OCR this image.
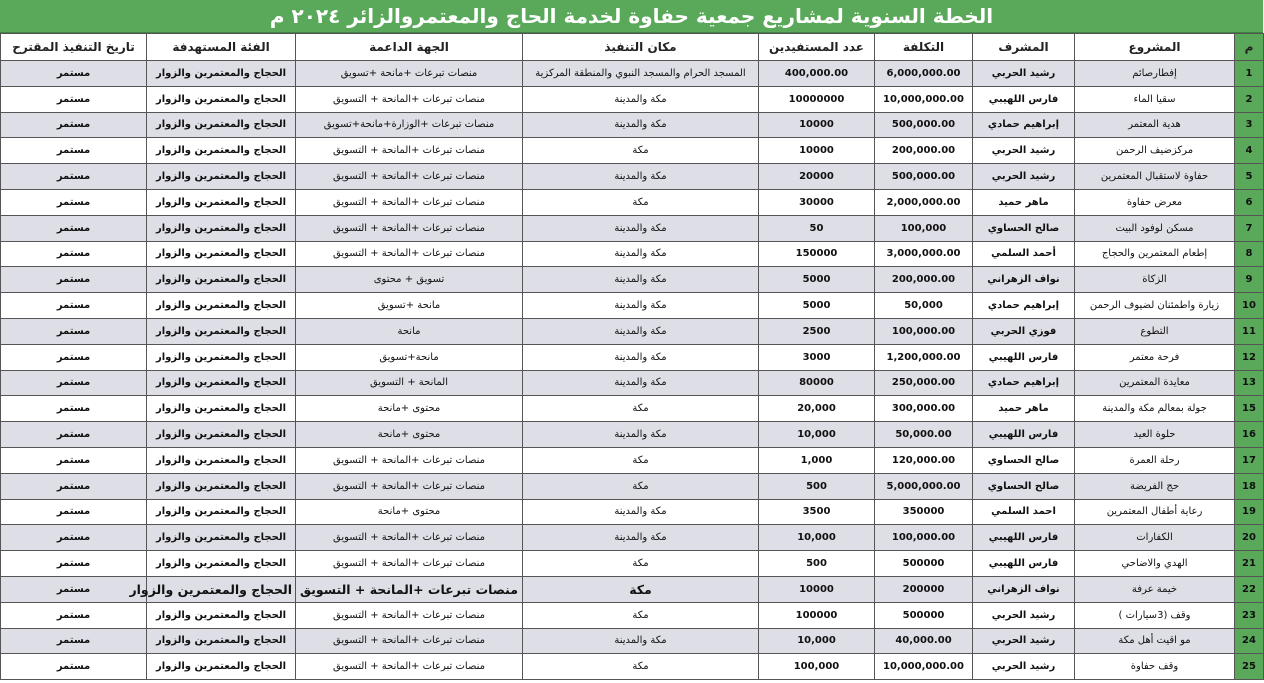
الخطة السنوية لمشاريع جمعية حفاوة لخدمة الحاج والمعتمروالزائر ٢٠٢٤ م
م	المشروع	المشرف	التكلفة	عدد المستفيدين	مكان التنفيذ	الجهة الداعمة	الفئة المستهدفة	تاريخ التنفيذ المقترح
1	إفطارصائم	رشيد الحربي	6,000,000.00	400,000.00	المسجد الحرام والمسجد النبوي والمنطقة المركزية	منصات تبرعات +مانحة +تسويق	الحجاج والمعتمرين والزوار	مستمر
2	سقيا الماء	فارس اللهيبي	10,000,000.00	10000000	مكة والمدينة	منصات تبرعات +المانحة + التسويق	الحجاج والمعتمرين والزوار	مستمر
3	هدية المعتمر	إبراهيم حمادي	500,000.00	10000	مكة والمدينة	منصات تبرعات +الوزارة+مانحة+تسويق	الحجاج والمعتمرين والزوار	مستمر
4	مركزضيف الرحمن	رشيد الحربي	200,000.00	10000	مكة	منصات تبرعات +المانحة + التسويق	الحجاج والمعتمرين والزوار	مستمر
5	حفاوة لاستقبال المعتمرين	رشيد الحربي	500,000.00	20000	مكة والمدينة	منصات تبرعات +المانحة + التسويق	الحجاج والمعتمرين والزوار	مستمر
6	معرض حفاوة	ماهر حميد	2,000,000.00	30000	مكة	منصات تبرعات +المانحة + التسويق	الحجاج والمعتمرين والزوار	مستمر
7	مسكن لوفود البيت	صالح الحساوي	100,000	50	مكة والمدينة	منصات تبرعات +المانحة + التسويق	الحجاج والمعتمرين والزوار	مستمر
8	إطعام المعتمرين والحجاج	أحمد السلمي	3,000,000.00	150000	مكة والمدينة	منصات تبرعات +المانحة + التسويق	الحجاج والمعتمرين والزوار	مستمر
9	الزكاة	نواف الزهراني	200,000.00	5000	مكة والمدينة	تسويق + محتوى	الحجاج والمعتمرين والزوار	مستمر
10	زيارة واطمئنان لضيوف الرحمن	إبراهيم حمادي	50,000	5000	مكة والمدينة	مانحة +تسويق	الحجاج والمعتمرين والزوار	مستمر
11	التطوع	فوزي الحربي	100,000.00	2500	مكة والمدينة	مانحة	الحجاج والمعتمرين والزوار	مستمر
12	فرحة معتمر	فارس اللهيبي	1,200,000.00	3000	مكة والمدينة	مانحة+تسويق	الحجاج والمعتمرين والزوار	مستمر
13	معايدة المعتمرين	إبراهيم حمادي	250,000.00	80000	مكة والمدينة	المانحة + التسويق	الحجاج والمعتمرين والزوار	مستمر
15	جولة بمعالم مكة والمدينة	ماهر حميد	300,000.00	20,000	مكة	محتوى +مانحة	الحجاج والمعتمرين والزوار	مستمر
16	حلوة العيد	فارس اللهيبي	50,000.00	10,000	مكة والمدينة	محتوى +مانحة	الحجاج والمعتمرين والزوار	مستمر
17	رحلة العمرة	صالح الحساوي	120,000.00	1,000	مكة	منصات تبرعات +المانحة + التسويق	الحجاج والمعتمرين والزوار	مستمر
18	حج الفريضة	صالح الحساوي	5,000,000.00	500	مكة	منصات تبرعات +المانحة + التسويق	الحجاج والمعتمرين والزوار	مستمر
19	رعاية أطفال المعتمرين	احمد السلمي	350000	3500	مكة والمدينة	محتوى +مانحة	الحجاج والمعتمرين والزوار	مستمر
20	الكفارات	فارس اللهيبي	100,000.00	10,000	مكة والمدينة	منصات تبرعات +المانحة + التسويق	الحجاج والمعتمرين والزوار	مستمر
21	الهدي والاضاحي	فارس اللهيبي	500000	500	مكة	منصات تبرعات +المانحة + التسويق	الحجاج والمعتمرين والزوار	مستمر
22	خيمة عرفة	نواف الزهراني	200000	10000	مكة	منصات تبرعات +المانحة + التسويق	الحجاج والمعتمرين والزوار	مستمر
23	وقف (3سيارات )	رشيد الحربي	500000	100000	مكة	منصات تبرعات +المانحة + التسويق	الحجاج والمعتمرين والزوار	مستمر
24	مو اقيت أهل مكة	رشيد الحربي	40,000.00	10,000	مكة والمدينة	منصات تبرعات +المانحة + التسويق	الحجاج والمعتمرين والزوار	مستمر
25	وقف حفاوة	رشيد الحربي	10,000,000.00	100,000	مكة	منصات تبرعات +المانحة + التسويق	الحجاج والمعتمرين والزوار	مستمر
